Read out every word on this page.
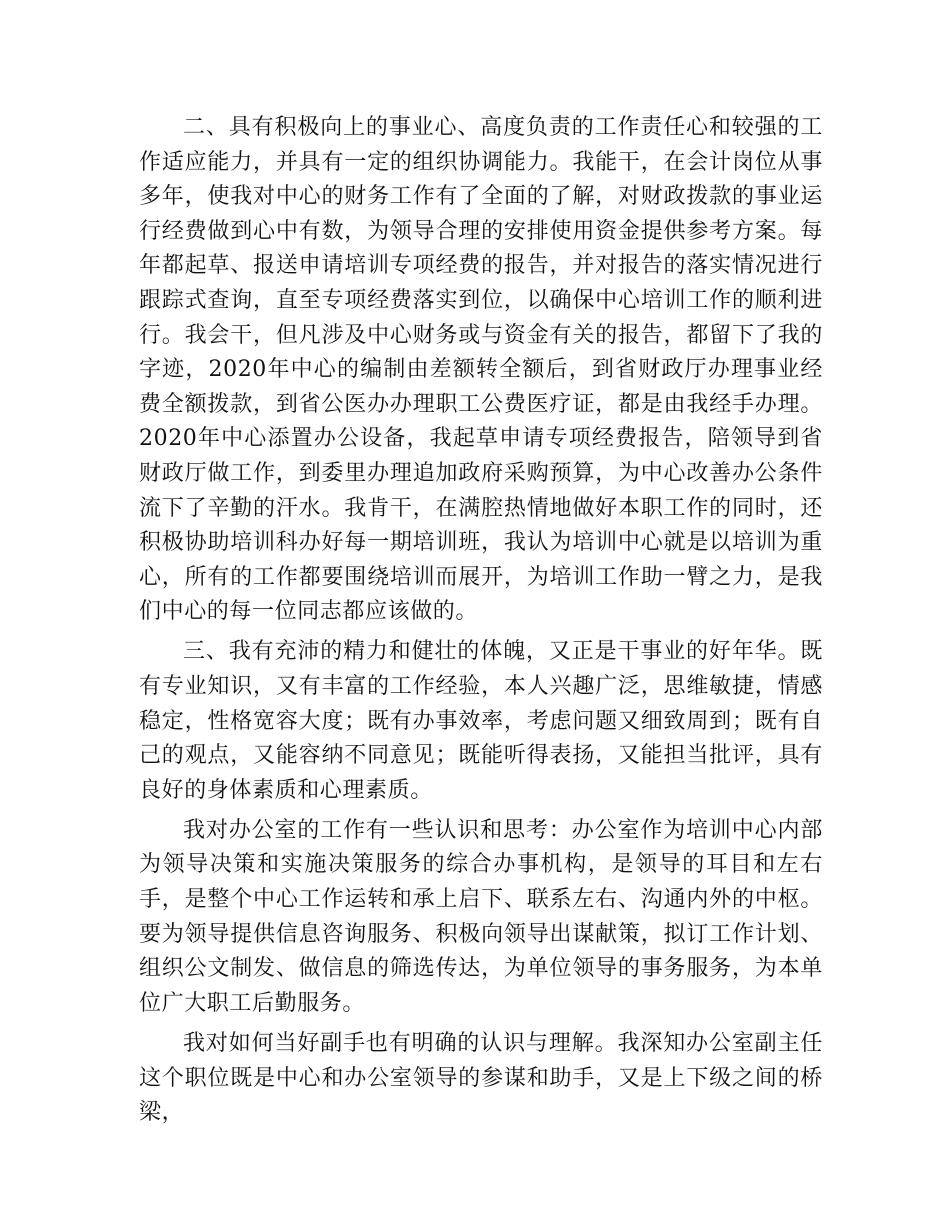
二、具有积极向上的事业心、高度负责的工作责任心和较强的工作适应能力，并具有一定的组织协调能力。我能干，在会计岗位从事多年，使我对中心的财务工作有了全面的了解，对财政拨款的事业运行经费做到心中有数，为领导合理的安排使用资金提供参考方案。每年都起草、报送申请培训专项经费的报告，并对报告的落实情况进行跟踪式查询，直至专项经费落实到位，以确保中心培训工作的顺利进行。我会干，但凡涉及中心财务或与资金有关的报告，都留下了我的字迹，2020年中心的编制由差额转全额后，到省财政厅办理事业经费全额拨款，到省公医办办理职工公费医疗证，都是由我经手办理。2020年中心添置办公设备，我起草申请专项经费报告，陪领导到省财政厅做工作，到委里办理追加政府采购预算，为中心改善办公条件流下了辛勤的汗水。我肯干，在满腔热情地做好本职工作的同时，还积极协助培训科办好每一期培训班，我认为培训中心就是以培训为重心，所有的工作都要围绕培训而展开，为培训工作助一臂之力，是我们中心的每一位同志都应该做的。

三、我有充沛的精力和健壮的体魄，又正是干事业的好年华。既有专业知识，又有丰富的工作经验，本人兴趣广泛，思维敏捷，情感稳定，性格宽容大度；既有办事效率，考虑问题又细致周到；既有自己的观点，又能容纳不同意见；既能听得表扬，又能担当批评，具有良好的身体素质和心理素质。

我对办公室的工作有一些认识和思考：办公室作为培训中心内部为领导决策和实施决策服务的综合办事机构，是领导的耳目和左右手，是整个中心工作运转和承上启下、联系左右、沟通内外的中枢。要为领导提供信息咨询服务、积极向领导出谋献策，拟订工作计划、组织公文制发、做信息的筛选传达，为单位领导的事务服务，为本单位广大职工后勤服务。

我对如何当好副手也有明确的认识与理解。我深知办公室副主任这个职位既是中心和办公室领导的参谋和助手，又是上下级之间的桥梁，
